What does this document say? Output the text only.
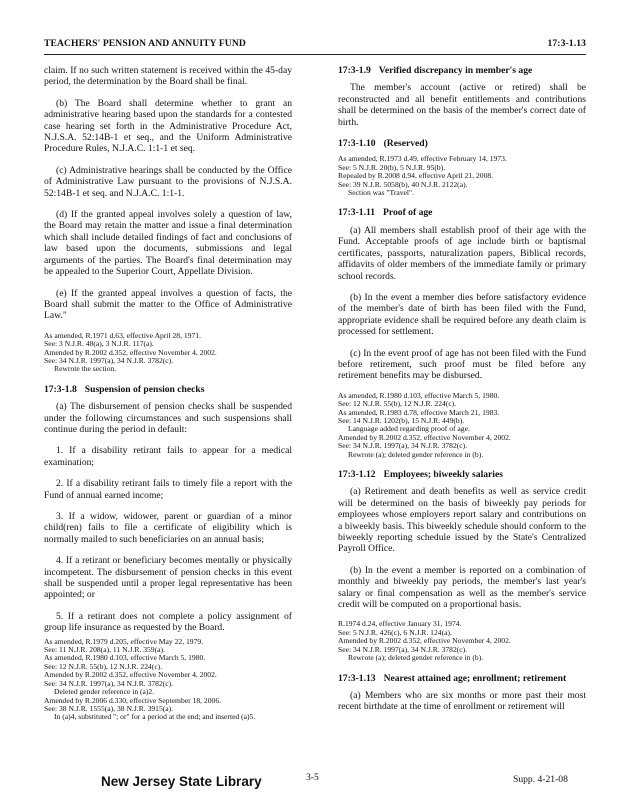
TEACHERS' PENSION AND ANNUITY FUND	17:3-1.13

claim. If no such written statement is received within the 45-day period, the determination by the Board shall be final.

(b) The Board shall determine whether to grant an administrative hearing based upon the standards for a contested case hearing set forth in the Administrative Procedure Act, N.J.S.A. 52:14B-1 et seq., and the Uniform Administrative Procedure Rules, N.J.A.C. 1:1-1 et seq.

(c) Administrative hearings shall be conducted by the Office of Administrative Law pursuant to the provisions of N.J.S.A. 52:14B-1 et seq. and N.J.A.C. 1:1-1.

(d) If the granted appeal involves solely a question of law, the Board may retain the matter and issue a final determination which shall include detailed findings of fact and conclusions of law based upon the documents, submissions and legal arguments of the parties. The Board's final determination may be appealed to the Superior Court, Appellate Division.

(e) If the granted appeal involves a question of facts, the Board shall submit the matter to the Office of Administrative Law."

As amended, R.1971 d.63, effective April 28, 1971.
See: 3 N.J.R. 48(a), 3 N.J.R. 117(a).
Amended by R.2002 d.352, effective November 4, 2002.
See: 34 N.J.R. 1997(a), 34 N.J.R. 3782(c).
Rewrote the section.
17:3-1.8 Suspension of pension checks

(a) The disbursement of pension checks shall be suspended under the following circumstances and such suspensions shall continue during the period in default:

1. If a disability retirant fails to appear for a medical examination;

2. If a disability retirant fails to timely file a report with the Fund of annual earned income;

3. If a widow, widower, parent or guardian of a minor child(ren) fails to file a certificate of eligibility which is normally mailed to such beneficiaries on an annual basis;

4. If a retirant or beneficiary becomes mentally or physically incompetent. The disbursement of pension checks in this event shall be suspended until a proper legal representative has been appointed; or

5. If a retirant does not complete a policy assignment of group life insurance as requested by the Board.

As amended, R.1979 d.205, effective May 22, 1979.
See: 11 N.J.R. 208(a), 11 N.J.R. 359(a).
As amended, R.1980 d.103, effective March 5, 1980.
See: 12 N.J.R. 55(b), 12 N.J.R. 224(c).
Amended by R.2002 d.352, effective November 4, 2002.
See: 34 N.J.R. 1997(a), 34 N.J.R. 3782(c).
Deleted gender reference in (a)2.
Amended by R.2006 d.330, effective September 18, 2006.
See: 38 N.J.R. 1555(a), 38 N.J.R. 3915(a).
In (a)4, substituted "; or" for a period at the end; and inserted (a)5.
17:3-1.9 Verified discrepancy in member's age

The member's account (active or retired) shall be reconstructed and all benefit entitlements and contributions shall be determined on the basis of the member's correct date of birth.

17:3-1.10 (Reserved)
As amended, R.1973 d.49, effective February 14, 1973.
See: 5 N.J.R. 20(b), 5 N.J.R. 95(b).
Repealed by R.2008 d.94, effective April 21, 2008.
See: 39 N.J.R. 5058(b), 40 N.J.R. 2122(a).
Section was "Travel".
17:3-1.11 Proof of age

(a) All members shall establish proof of their age with the Fund. Acceptable proofs of age include birth or baptismal certificates, passports, naturalization papers, Biblical records, affidavits of older members of the immediate family or primary school records.

(b) In the event a member dies before satisfactory evidence of the member's date of birth has been filed with the Fund, appropriate evidence shall be required before any death claim is processed for settlement.

(c) In the event proof of age has not been filed with the Fund before retirement, such proof must be filed before any retirement benefits may be disbursed.

As amended, R.1980 d.103, effective March 5, 1980.
See: 12 N.J.R. 55(b), 12 N.J.R. 224(c).
As amended, R.1983 d.78, effective March 21, 1983.
See: 14 N.J.R. 1202(b), 15 N.J.R. 449(b).
Language added regarding proof of age.
Amended by R.2002 d.352, effective November 4, 2002.
See: 34 N.J.R. 1997(a), 34 N.J.R. 3782(c).
Rewrote (a); deleted gender reference in (b).
17:3-1.12 Employees; biweekly salaries

(a) Retirement and death benefits as well as service credit will be determined on the basis of biweekly pay periods for employees whose employers report salary and contributions on a biweekly basis. This biweekly schedule should conform to the biweekly reporting schedule issued by the State's Centralized Payroll Office.

(b) In the event a member is reported on a combination of monthly and biweekly pay periods, the member's last year's salary or final compensation as well as the member's service credit will be computed on a proportional basis.

R.1974 d.24, effective January 31, 1974.
See: 5 N.J.R. 426(c), 6 N.J.R. 124(a).
Amended by R.2002 d.352, effective November 4, 2002.
See: 34 N.J.R. 1997(a), 34 N.J.R. 3782(c).
Rewrote (a); deleted gender reference in (b).
17:3-1.13 Nearest attained age; enrollment; retirement

(a) Members who are six months or more past their most recent birthdate at the time of enrollment or retirement will

New Jersey State Library	3-5	Supp. 4-21-08
